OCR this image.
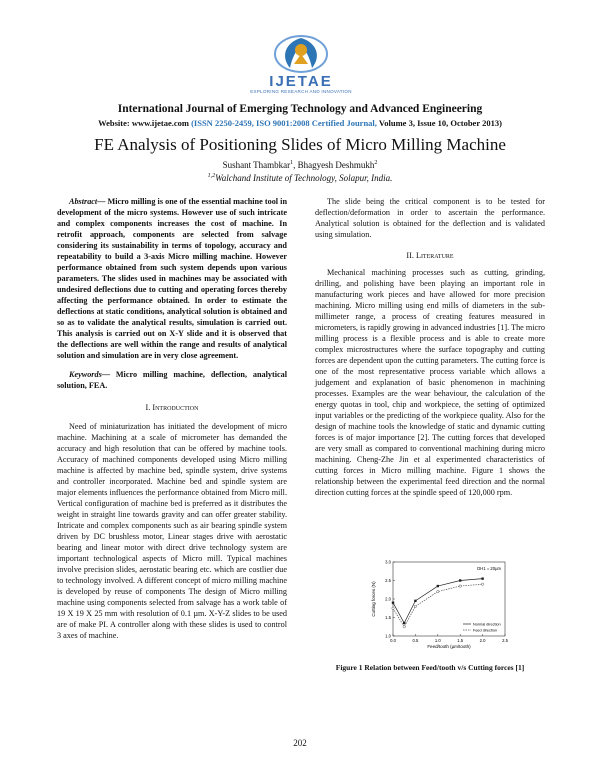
IJETAE
EXPLORING RESEARCH AND INNOVATION
International Journal of Emerging Technology and Advanced Engineering
Website: www.ijetae.com (ISSN 2250-2459, ISO 9001:2008 Certified Journal, Volume 3, Issue 10, October 2013)
FE Analysis of Positioning Slides of Micro Milling Machine
Sushant Thambkar$^1$, Bhagyesh Deshmukh$^2$
$^{1,2}$Walchand Institute of Technology, Solapur, India.

Abstract— Micro milling is one of the essential machine tool in development of the micro systems. However use of such intricate and complex components increases the cost of machine. In retrofit approach, components are selected from salvage considering its sustainability in terms of topology, accuracy and repeatability to build a 3-axis Micro milling machine. However performance obtained from such system depends upon various parameters. The slides used in machines may be associated with undesired deflections due to cutting and operating forces thereby affecting the performance obtained. In order to estimate the deflections at static conditions, analytical solution is obtained and so as to validate the analytical results, simulation is carried out. This analysis is carried out on X-Y slide and it is observed that the deflections are well within the range and results of analytical solution and simulation are in very close agreement.

Keywords— Micro milling machine, deflection, analytical solution, FEA.

I. Introduction

Need of miniaturization has initiated the development of micro machine. Machining at a scale of micrometer has demanded the accuracy and high resolution that can be offered by machine tools. Accuracy of machined components developed using Micro milling machine is affected by machine bed, spindle system, drive systems and controller incorporated. Machine bed and spindle system are major elements influences the performance obtained from Micro mill. Vertical configuration of machine bed is preferred as it distributes the weight in straight line towards gravity and can offer greater stability. Intricate and complex components such as air bearing spindle system driven by DC brushless motor, Linear stages drive with aerostatic bearing and linear motor with direct drive technology system are important technological aspects of Micro mill. Typical machines involve precision slides, aerostatic bearing etc. which are costlier due to technology involved. A different concept of micro milling machine is developed by reuse of components The design of Micro milling machine using components selected from salvage has a work table of 19 X 19 X 25 mm with resolution of 0.1 µm. X-Y-Z slides to be used are of make PI. A controller along with these slides is used to control 3 axes of machine.

The slide being the critical component is to be tested for deflection/deformation in order to ascertain the performance. Analytical solution is obtained for the deflection and is validated using simulation.

II. Literature

Mechanical machining processes such as cutting, grinding, drilling, and polishing have been playing an important role in manufacturing work pieces and have allowed for more precision machining. Micro milling using end mills of diameters in the sub-millimeter range, a process of creating features measured in micrometers, is rapidly growing in advanced industries [1]. The micro milling process is a flexible process and is able to create more complex microstructures where the surface topography and cutting forces are dependent upon the cutting parameters. The cutting force is one of the most representative process variable which allows a judgement and explanation of basic phenomenon in machining processes. Examples are the wear behaviour, the calculation of the energy quotas in tool, chip and workpiece, the setting of optimized input variables or the predicting of the workpiece quality. Also for the design of machine tools the knowledge of static and dynamic cutting forces is of major importance [2]. The cutting forces that developed are very small as compared to conventional machining during micro machining. Cheng-Zhe Jin et al experimented characteristics of cutting forces in Micro milling machine. Figure 1 shows the relationship between the experimental feed direction and the normal direction cutting forces at the spindle speed of 120,000 rpm.

0.0	0.5	1.0	1.5	2.0	2.5
1.0
1.5
2.0
2.5
3.0
Feed/tooth (µm/tooth)
Cutting forces (N)
DH1 = 20µm
Normal direction
Feed direction
Figure 1 Relation between Feed/tooth v/s Cutting forces [1]
202
